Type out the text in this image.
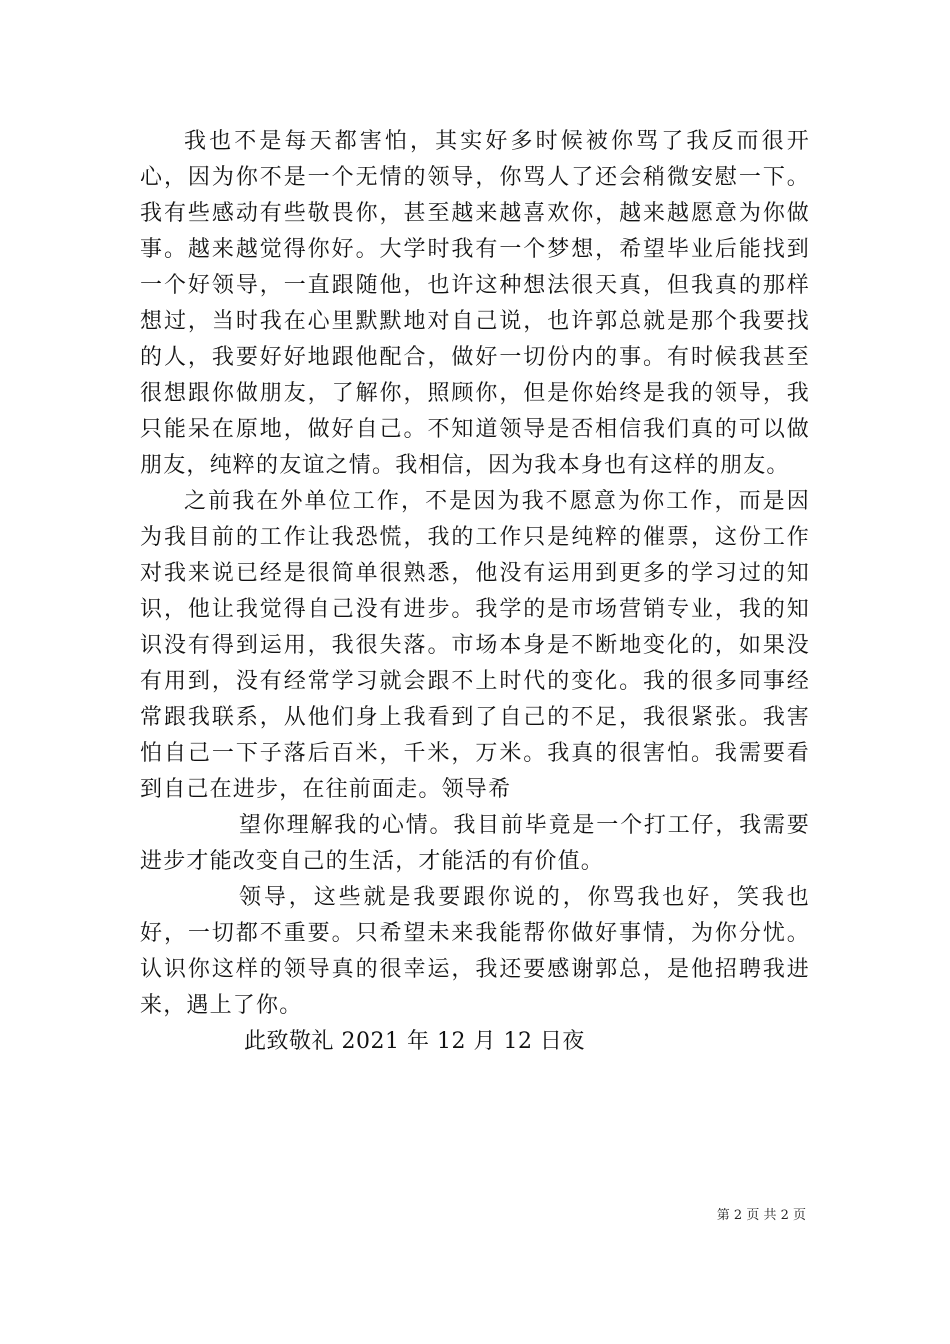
我也不是每天都害怕，其实好多时候被你骂了我反而很开心，因为你不是一个无情的领导，你骂人了还会稍微安慰一下。我有些感动有些敬畏你，甚至越来越喜欢你，越来越愿意为你做事。越来越觉得你好。大学时我有一个梦想，希望毕业后能找到一个好领导，一直跟随他，也许这种想法很天真，但我真的那样想过，当时我在心里默默地对自己说，也许郭总就是那个我要找的人，我要好好地跟他配合，做好一切份内的事。有时候我甚至很想跟你做朋友，了解你，照顾你，但是你始终是我的领导，我只能呆在原地，做好自己。不知道领导是否相信我们真的可以做朋友，纯粹的友谊之情。我相信，因为我本身也有这样的朋友。

之前我在外单位工作，不是因为我不愿意为你工作，而是因为我目前的工作让我恐慌，我的工作只是纯粹的催票，这份工作对我来说已经是很简单很熟悉，他没有运用到更多的学习过的知识，他让我觉得自己没有进步。我学的是市场营销专业，我的知识没有得到运用，我很失落。市场本身是不断地变化的，如果没有用到，没有经常学习就会跟不上时代的变化。我的很多同事经常跟我联系，从他们身上我看到了自己的不足，我很紧张。我害怕自己一下子落后百米，千米，万米。我真的很害怕。我需要看到自己在进步，在往前面走。领导希

望你理解我的心情。我目前毕竟是一个打工仔，我需要进步才能改变自己的生活，才能活的有价值。

领导，这些就是我要跟你说的，你骂我也好，笑我也好，一切都不重要。只希望未来我能帮你做好事情，为你分忧。认识你这样的领导真的很幸运，我还要感谢郭总，是他招聘我进来，遇上了你。

此致敬礼 2021 年 12 月 12 日夜

第 2 页 共 2 页
